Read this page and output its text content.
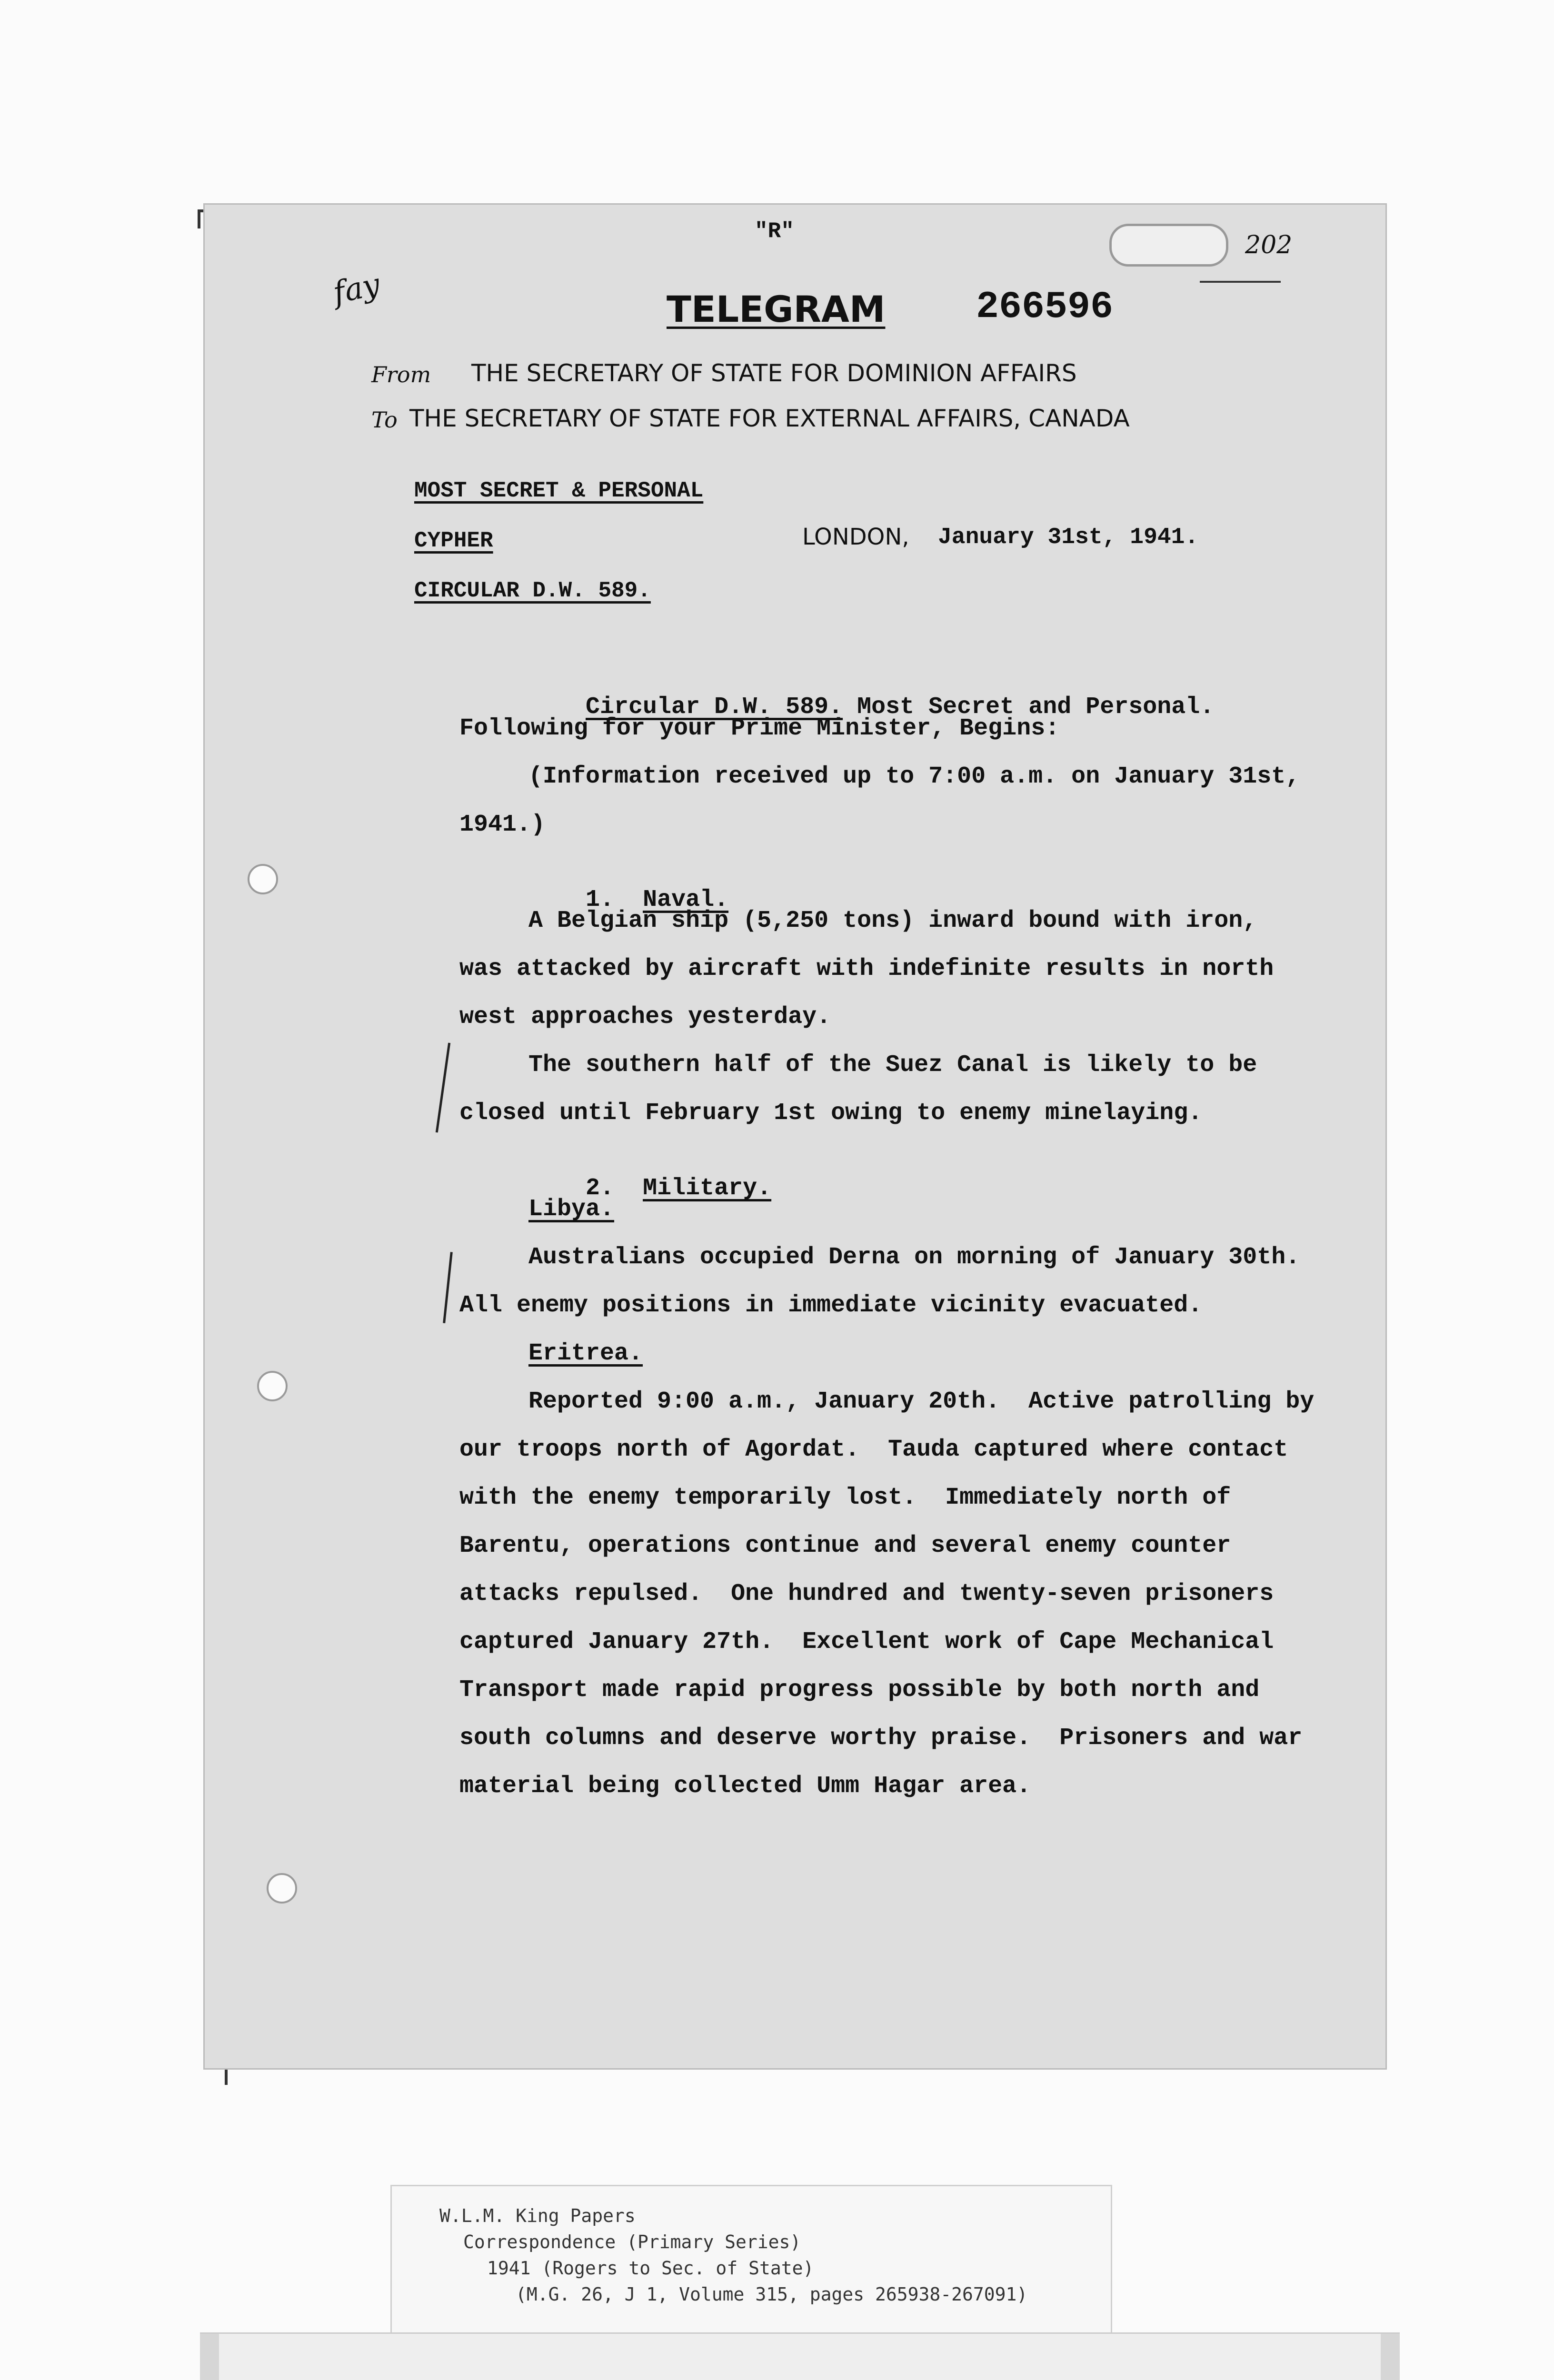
"R"
fay
202
TELEGRAM 266596
From THE SECRETARY OF STATE FOR DOMINION AFFAIRS
To THE SECRETARY OF STATE FOR EXTERNAL AFFAIRS, CANADA
MOST SECRET & PERSONAL
CYPHER
CIRCULAR D.W. 589.
LONDON, January 31st, 1941.

Circular D.W. 589. Most Secret and Personal.

Following for your Prime Minister, Begins:
(Information received up to 7:00 a.m. on January 31st,
1941.)

1. Naval.

A Belgian ship (5,250 tons) inward bound with iron,
was attacked by aircraft with indefinite results in north
west approaches yesterday.
The southern half of the Suez Canal is likely to be
closed until February 1st owing to enemy minelaying.

2. Military.

Libya.
Australians occupied Derna on morning of January 30th.
All enemy positions in immediate vicinity evacuated.
Eritrea.
Reported 9:00 a.m., January 20th.  Active patrolling by
our troops north of Agordat.  Tauda captured where contact
with the enemy temporarily lost.  Immediately north of
Barentu, operations continue and several enemy counter
attacks repulsed.  One hundred and twenty-seven prisoners
captured January 27th.  Excellent work of Cape Mechanical
Transport made rapid progress possible by both north and
south columns and deserve worthy praise.  Prisoners and war
material being collected Umm Hagar area.
W.L.M. King Papers
Correspondence (Primary Series)
1941 (Rogers to Sec. of State)
(M.G. 26, J 1, Volume 315, pages 265938-267091)
